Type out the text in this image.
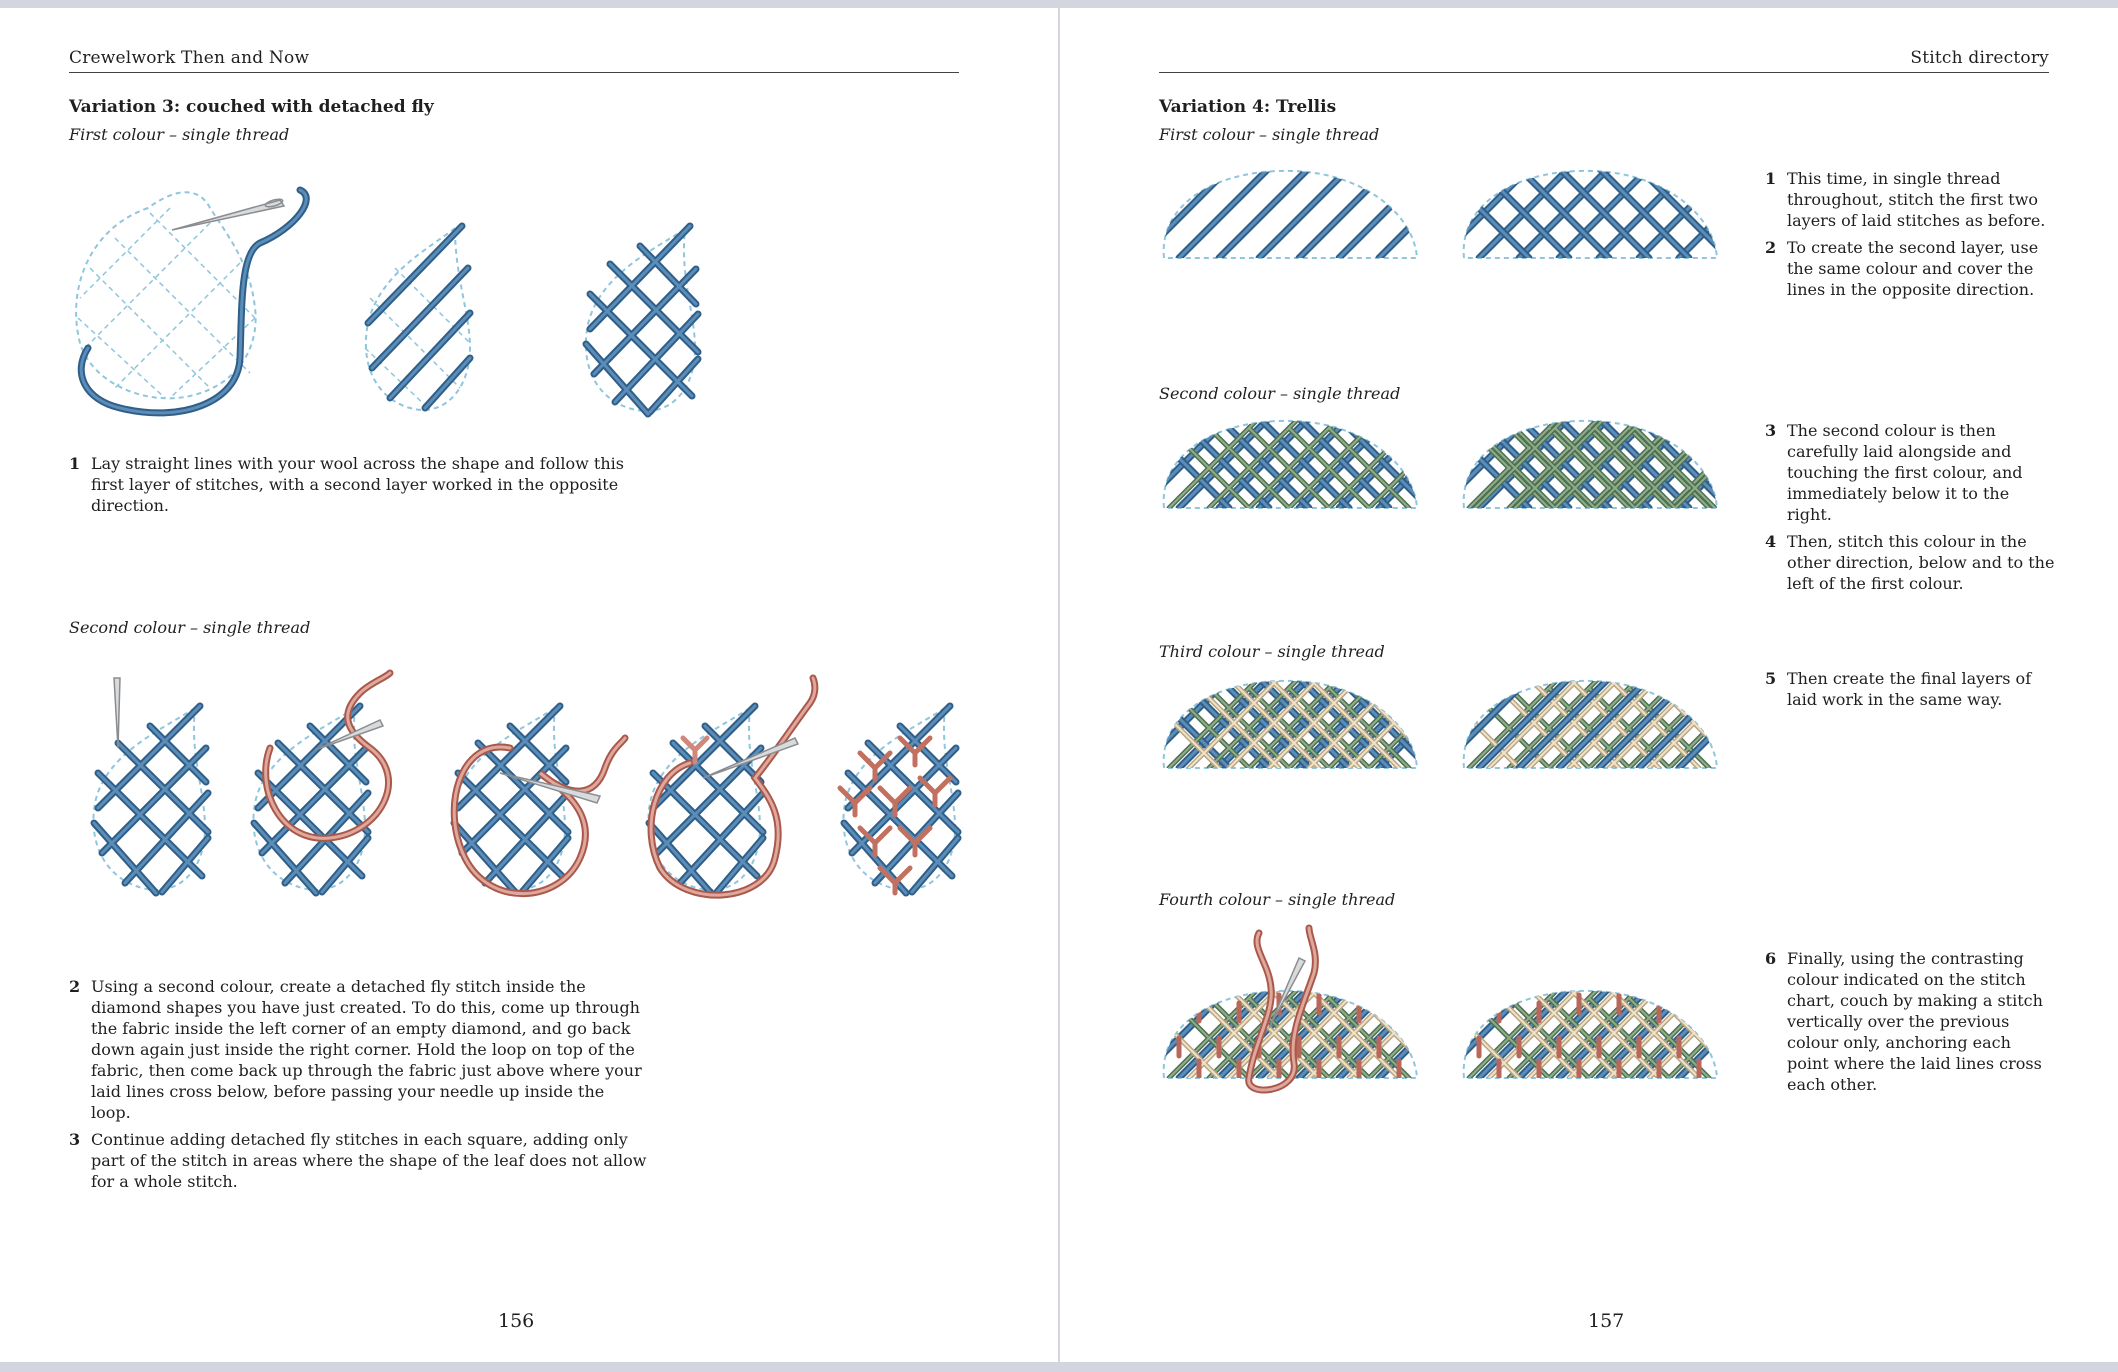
Crewelwork Then and Now
Variation 3: couched with detached fly
First colour – single thread
1 Lay straight lines with your wool across the shape and follow this first layer of stitches, with a second layer worked in the opposite direction.
Second colour – single thread
2 Using a second colour, create a detached fly stitch inside the diamond shapes you have just created. To do this, come up through the fabric inside the left corner of an empty diamond, and go back down again just inside the right corner. Hold the loop on top of the fabric, then come back up through the fabric just above where your laid lines cross below, before passing your needle up inside the loop.
3 Continue adding detached fly stitches in each square, adding only part of the stitch in areas where the shape of the leaf does not allow for a whole stitch.
156
Stitch directory
Variation 4: Trellis
First colour – single thread
Second colour – single thread
Third colour – single thread
Fourth colour – single thread
1 This time, in single thread throughout, stitch the first two layers of laid stitches as before.
2 To create the second layer, use the same colour and cover the lines in the opposite direction.
3 The second colour is then carefully laid alongside and touching the first colour, and immediately below it to the right.
4 Then, stitch this colour in the other direction, below and to the left of the first colour.
5 Then create the final layers of laid work in the same way.
6 Finally, using the contrasting colour indicated on the stitch chart, couch by making a stitch vertically over the previous colour only, anchoring each point where the laid lines cross each other.
157
